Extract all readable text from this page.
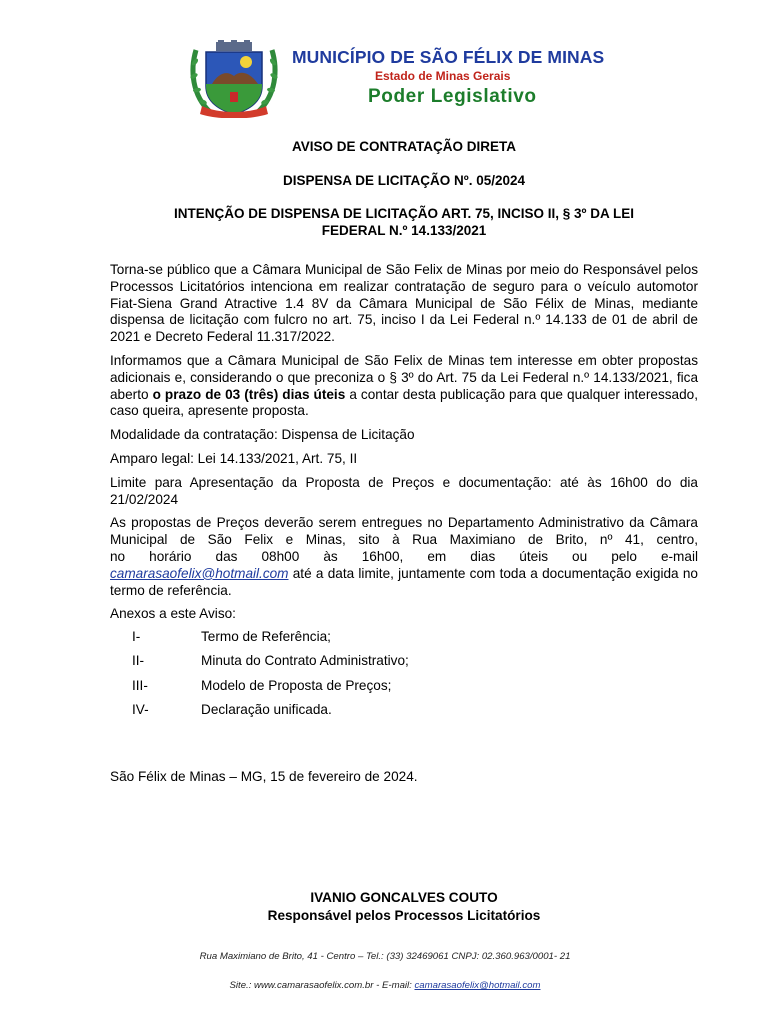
MUNICÍPIO DE SÃO FÉLIX DE MINAS
Estado de Minas Gerais
Poder Legislativo
AVISO DE CONTRATAÇÃO DIRETA
DISPENSA DE LICITAÇÃO Nº. 05/2024
INTENÇÃO DE DISPENSA DE LICITAÇÃO ART. 75, INCISO II, § 3º DA LEI
FEDERAL N.º 14.133/2021

Torna-se público que a Câmara Municipal de São Felix de Minas por meio do Responsável pelos Processos Licitatórios intenciona em realizar contratação de seguro para o veículo automotor Fiat-Siena Grand Atractive 1.4 8V da Câmara Municipal de São Félix de Minas, mediante dispensa de licitação com fulcro no art. 75, inciso I da Lei Federal n.º 14.133 de 01 de abril de 2021 e Decreto Federal 11.317/2022.

Informamos que a Câmara Municipal de São Felix de Minas tem interesse em obter propostas adicionais e, considerando o que preconiza o § 3º do Art. 75 da Lei Federal n.º 14.133/2021, fica aberto o prazo de 03 (três) dias úteis a contar desta publicação para que qualquer interessado, caso queira, apresente proposta.

Modalidade da contratação: Dispensa de Licitação

Amparo legal: Lei 14.133/2021, Art. 75, II

Limite para Apresentação da Proposta de Preços e documentação: até às 16h00 do dia 21/02/2024

As propostas de Preços deverão serem entregues no Departamento Administrativo da Câmara Municipal de São Felix e Minas, sito à Rua Maximiano de Brito, nº 41, centro,

no horário das 08h00 às 16h00, em dias úteis ou pelo e-mail

camarasaofelix@hotmail.com até a data limite, juntamente com toda a documentação exigida no termo de referência.

Anexos a este Aviso:

I-	Termo de Referência;
II-	Minuta do Contrato Administrativo;
III-	Modelo de Proposta de Preços;
IV-	Declaração unificada.
São Félix de Minas – MG, 15 de fevereiro de 2024.
IVANIO GONCALVES COUTO
Responsável pelos Processos Licitatórios
Rua Maximiano de Brito, 41 - Centro – Tel.: (33) 32469061 CNPJ: 02.360.963/0001- 21
Site.: www.camarasaofelix.com.br - E-mail: camarasaofelix@hotmail.com
